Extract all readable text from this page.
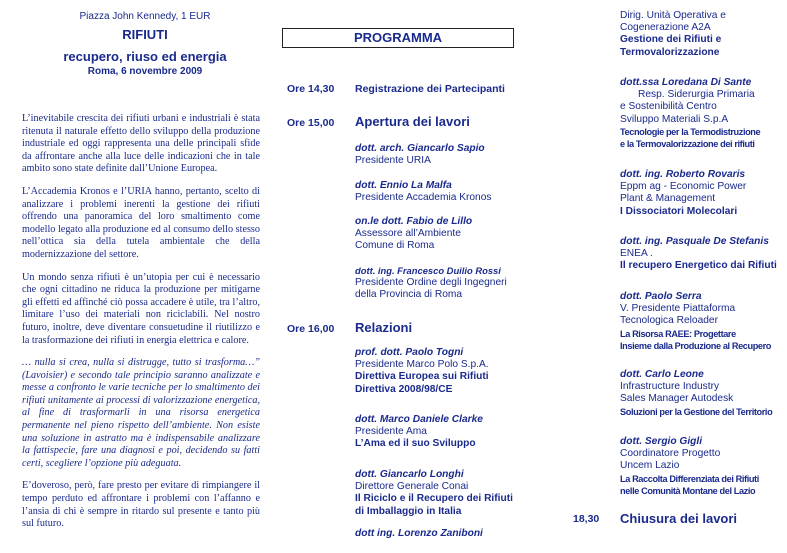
Piazza John Kennedy, 1 EUR
RIFIUTI
recupero, riuso ed energia
Roma, 6 novembre 2009

L’inevitabile crescita dei rifiuti urbani e industriali è stata ritenuta il naturale effetto dello sviluppo della produzione industriale ed oggi rappresenta una delle principali sfide da affrontare anche alla luce delle indicazioni che in tale ambito sono state definite dall’Unione Europea.

L’Accademia Kronos e l’URIA hanno, pertanto, scelto di analizzare i problemi inerenti la gestione dei rifiuti offrendo una panoramica del loro smaltimento come modello legato alla produzione ed al consumo dello stesso nell’ottica sia della tutela ambientale che della modernizzazione del settore.

Un mondo senza rifiuti è un’utopia per cui è necessario che ogni cittadino ne riduca la produzione per mitigarne gli effetti ed affinché ciò possa accadere è utile, tra l’altro, limitare l’uso dei materiali non riciclabili. Nel nostro futuro, inoltre, deve diventare consuetudine il riutilizzo e la trasformazione dei rifiuti in energia elettrica e calore.

… nulla si crea, nulla si distrugge, tutto si trasforma…” (Lavoisier) e secondo tale principio saranno analizzate e messe a confronto le varie tecniche per lo smaltimento dei rifiuti unitamente ai processi di valorizzazione energetica, al fine di trasformarli in una risorsa energetica permanente nel pieno rispetto dell’ambiente. Non esiste una soluzione in astratto ma è indispensabile analizzare la fattispecie, fare una diagnosi e poi, decidendo su fatti certi, scegliere l’opzione più adeguata.

E’doveroso, però, fare presto per evitare di rimpiangere il tempo perduto ed affrontare i problemi con l’affanno e l’ansia di chi è sempre in ritardo sul presente e tanto più sul futuro.

PROGRAMMA
Ore 14,30 Registrazione dei Partecipanti
Ore 15,00 Apertura dei lavori
dott. arch. Giancarlo Sapio
Presidente URIA
dott. Ennio La Malfa
Presidente Accademia Kronos
on.le dott. Fabio de Lillo
Assessore all’Ambiente
Comune di Roma
dott. ing. Francesco Duilio Rossi
Presidente Ordine degli Ingegneri
della Provincia di Roma
Ore 16,00 Relazioni
prof. dott. Paolo Togni
Presidente Marco Polo S.p.A.
Direttiva Europea sui Rifiuti
Direttiva 2008/98/CE
dott. Marco Daniele Clarke
Presidente Ama
L’Ama ed il suo Sviluppo
dott. Giancarlo Longhi
Direttore Generale Conai
Il Riciclo e il Recupero dei Rifiuti
di Imballaggio in Italia
dott ing. Lorenzo Zaniboni
Dirig. Unità Operativa e
Cogenerazione A2A
Gestione dei Rifiuti e
Termovalorizzazione
dott.ssa Loredana Di Sante
Resp. Siderurgia Primaria
e Sostenibilità Centro
Sviluppo Materiali S.p.A
Tecnologie per la Termodistruzione
e la Termovalorizzazione dei rifiuti
dott. ing. Roberto Rovaris
Eppm ag - Economic Power
Plant & Management
I Dissociatori Molecolari
dott. ing. Pasquale De Stefanis
ENEA .
Il recupero Energetico dai Rifiuti
dott. Paolo Serra
V. Presidente Piattaforma
Tecnologica Reloader
La Risorsa RAEE: Progettare
Insieme dalla Produzione al Recupero
dott. Carlo Leone
Infrastructure Industry
Sales Manager Autodesk
Soluzioni per la Gestione del Territorio
dott. Sergio Gigli
Coordinatore Progetto
Uncem Lazio
La Raccolta Differenziata dei Rifiuti
nelle Comunità Montane del Lazio
18,30 Chiusura dei lavori
